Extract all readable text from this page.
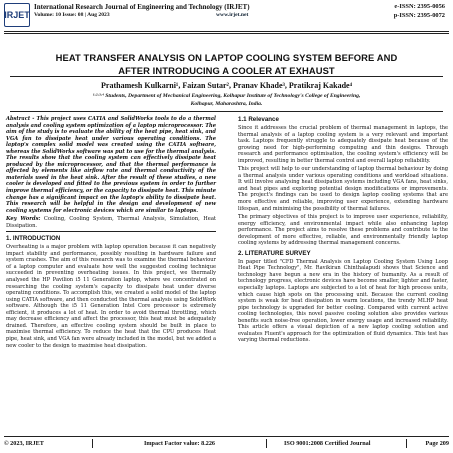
IRJET
International Research Journal of Engineering and Technology (IRJET)
Volume: 10 Issue: 08 | Aug 2023	www.irjet.net
e-ISSN: 2395-0056
p-ISSN: 2395-0072
HEAT TRANSFER ANALYSIS ON LAPTOP COOLING SYSTEM BEFORE AND
AFTER INTRODUCING A COOLER AT EXHAUST
Prathamesh Kulkarni¹, Faizan Sutar², Pranav Khade³, Pratikraj Kakade⁴
¹·²·³·⁴ Students, Department of Mechanical Engineering, Kolhapur Institute of Technology's College of Engineering,
Kolhapur, Maharashtra, India.

Abstract - This project uses CATIA and SolidWorks tools to do a thermal analysis and cooling system optimization of a laptop microprocessor. The aim of the study is to evaluate the ability of the heat pipe, heat sink, and VGA fan to dissipate heat under various operating conditions. The laptop's complex solid model was created using the CATIA software, whereas the SolidWorks software was put to use for the thermal analysis. The results show that the cooling system can effectively dissipate heat produced by the microprocessor, and that the thermal performance is affected by elements like airflow rate and thermal conductivity of the materials used in the heat sink. After the result of these studies, a new cooler is developed and fitted to the previous system in order to further improve thermal efficiency, or the capacity to dissipate heat. This minute change has a significant impact on the laptop's ability to dissipate heat. This research will be helpful in the design and development of new cooling systems for electronic devices which are similar to laptops.

Key Words: Cooling, Cooling System, Thermal Analysis, Simulation, Heat Dissipation.

1. INTRODUCTION

Overheating is a major problem with laptop operation because it can negatively impact stability and performance, possibly resulting in hardware failure and system crashes. The aim of this research was to examine the thermal behaviour of a laptop computer and evaluate how well the suggested cooling technique succeeded in preventing overheating issues. In this project, we thermally analysed the HP Pavilion i5 11 Generation laptop, where we concentrated on researching the cooling system's capacity to dissipate heat under diverse operating conditions. To accomplish this, we created a solid model of the laptop using CATIA software, and then conducted the thermal analysis using SolidWork software. Although the i5 11 Generation Intel Core processor is extremely efficient, it produces a lot of heat. In order to avoid thermal throttling, which may decrease efficiency and affect the processor, this heat must be adequately drained. Therefore, an effective cooling system should be built in place to maximise thermal efficiency. To reduce the heat that the CPU produces Heat pipe, heat sink, and VGA fan were already included in the model, but we added a new cooler to the design to maximise heat dissipation.

1.1 Relevance

Since it addresses the crucial problem of thermal management in laptops, the thermal analysis of a laptop cooling system is a very relevant and important task. Laptops frequently struggle to adequately dissipate heat because of the growing need for high-performing computing and thin designs. Through research and performance optimisation, the cooling system's efficiency will be improved, resulting in better thermal control and overall laptop reliability.

This project will help to our understanding of laptop thermal behaviour by doing a thermal analysis under various operating conditions and workload situations. It will involve analysing heat dissipation systems including VGA fans, heat sinks, and heat pipes and exploring potential design modifications or improvements. The project's findings can be used to design laptop cooling systems that are more effective and reliable, improving user experience, extending hardware lifespan, and minimising the possibility of thermal failures.

The primary objectives of this project is to improve user experience, reliability, energy efficiency, and environmental impact while also enhancing laptop performance. The project aims to resolve these problems and contribute to the development of more effective, reliable, and environmentally friendly laptop cooling systems by addressing thermal management concerns.

2. LITERATURE SURVEY

In paper titled "CFD Thermal Analysis on Laptop Cooling System Using Loop Heat Pipe Technology", Mr. Ravikiran Chinthalapudi shows that Science and technology have begun a new era in the history of humanity. As a result of technology progress, electronic devices have become smaller, lighter and faster, especially laptops. Laptops are subjected to a lot of heat for high process units, which cause high spots on the processing unit. Because the current cooling system is weak for heat dissipation in warm locations, the trendy MLHP heat pipe technology is upgraded for better cooling. Compared with current active cooling technologies, this novel passive cooling solution also provides various benefits such noise-free operation, lower energy usage and increased reliability. This article offers a visual depiction of a new laptop cooling solution and evaluates Fluent's approach for the optimization of fluid dynamics. This test has varying thermal reductions.

© 2023, IRJET	Impact Factor value: 8.226	ISO 9001:2008 Certified Journal	Page 209
